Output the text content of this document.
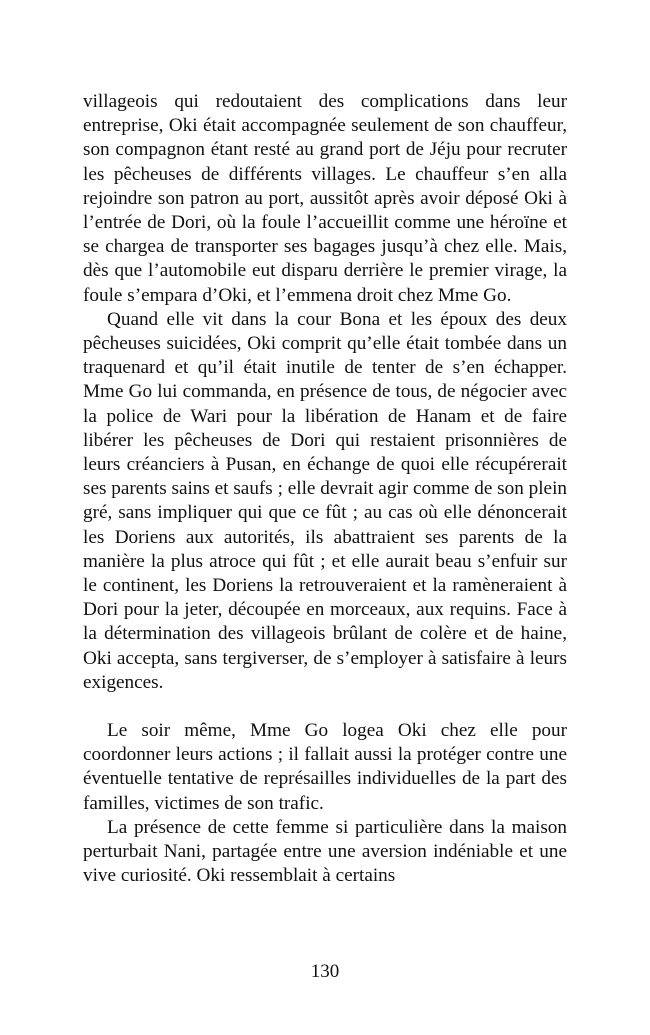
villageois qui redoutaient des complications dans leur entreprise, Oki était accompagnée seulement de son chauffeur, son compagnon étant resté au grand port de Jéju pour recruter les pêcheuses de différents villages. Le chauffeur s’en alla rejoindre son patron au port, aussitôt après avoir déposé Oki à l’entrée de Dori, où la foule l’accueillit comme une héroïne et se chargea de transporter ses bagages jusqu’à chez elle. Mais, dès que l’automobile eut disparu derrière le premier virage, la foule s’empara d’Oki, et l’emmena droit chez Mme Go.

Quand elle vit dans la cour Bona et les époux des deux pêcheuses suicidées, Oki comprit qu’elle était tombée dans un traquenard et qu’il était inutile de tenter de s’en échapper. Mme Go lui commanda, en présence de tous, de négocier avec la police de Wari pour la libération de Hanam et de faire libérer les pêcheuses de Dori qui restaient prisonnières de leurs créanciers à Pusan, en échange de quoi elle récupérerait ses parents sains et saufs ; elle devrait agir comme de son plein gré, sans impliquer qui que ce fût ; au cas où elle dénoncerait les Doriens aux autorités, ils abattraient ses parents de la manière la plus atroce qui fût ; et elle aurait beau s’enfuir sur le continent, les Doriens la retrouveraient et la ramèneraient à Dori pour la jeter, découpée en morceaux, aux requins. Face à la détermination des villageois brûlant de colère et de haine, Oki accepta, sans tergiverser, de s’employer à satisfaire à leurs exigences.

Le soir même, Mme Go logea Oki chez elle pour coordonner leurs actions ; il fallait aussi la protéger contre une éventuelle tentative de représailles individuelles de la part des familles, victimes de son trafic.

La présence de cette femme si particulière dans la maison perturbait Nani, partagée entre une aversion indéniable et une vive curiosité. Oki ressemblait à certains

130
